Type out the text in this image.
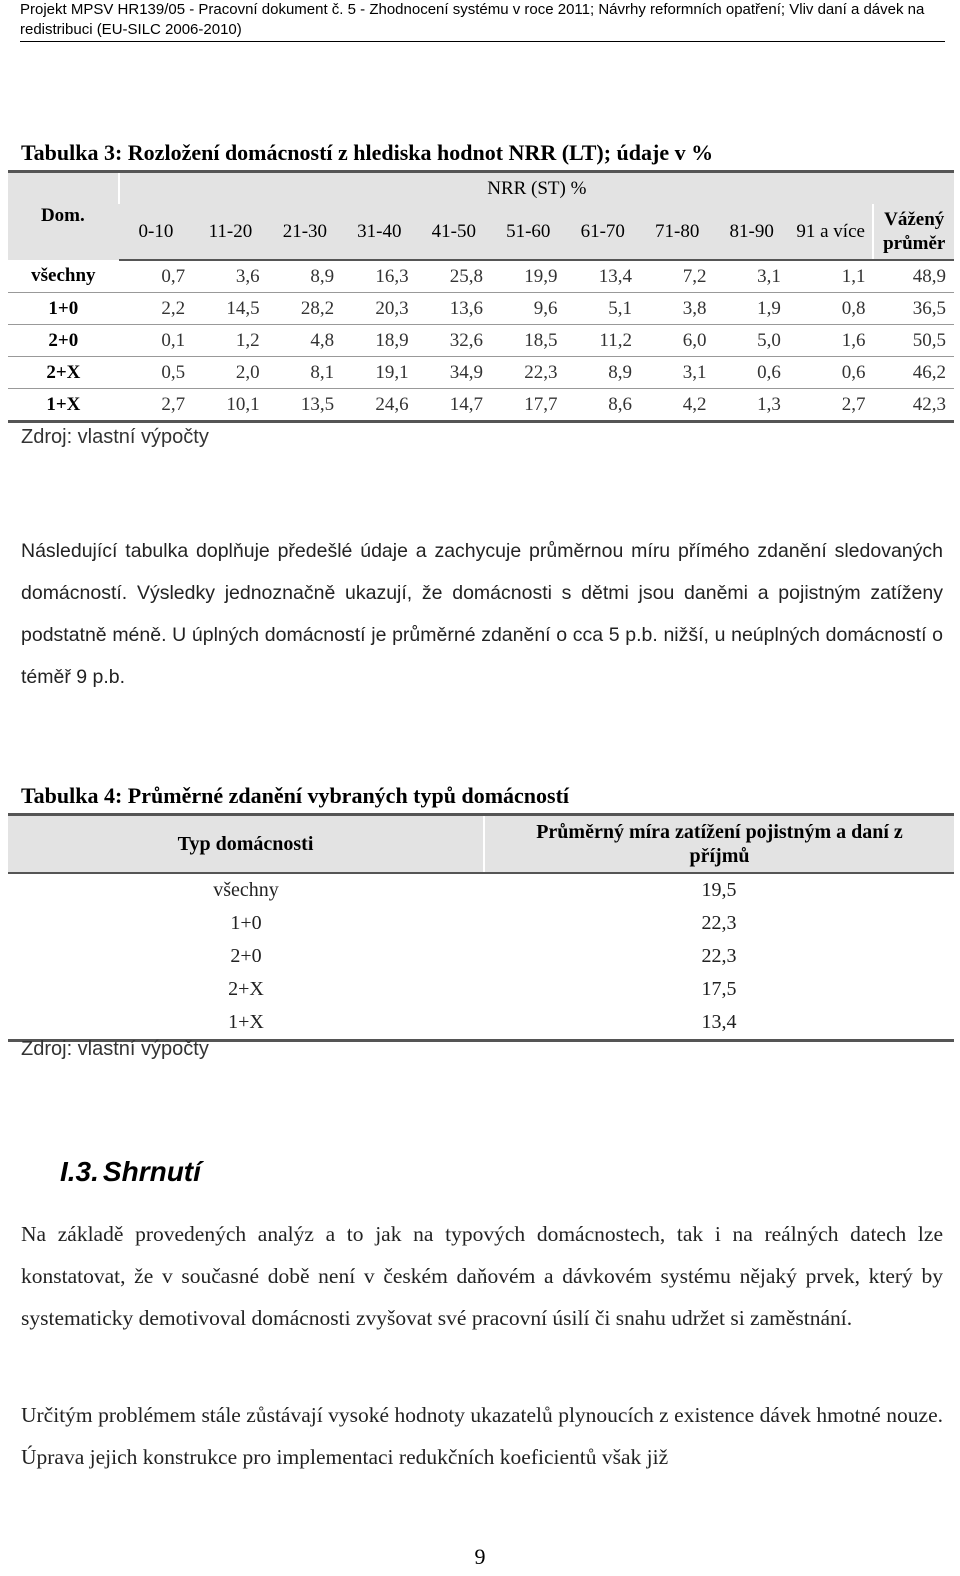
Projekt MPSV HR139/05 - Pracovní dokument č. 5 - Zhodnocení systému v roce 2011; Návrhy reformních opatření; Vliv daní a dávek na redistribuci (EU-SILC 2006-2010)
Tabulka 3: Rozložení domácností z hlediska hodnot NRR (LT); údaje v %
Dom.	NRR (ST) %										
	0-10	11-20	21-30	31-40	41-50	51-60	61-70	71-80	81-90	91 a více	Vážený průměr
všechny	0,7	3,6	8,9	16,3	25,8	19,9	13,4	7,2	3,1	1,1	48,9
1+0	2,2	14,5	28,2	20,3	13,6	9,6	5,1	3,8	1,9	0,8	36,5
2+0	0,1	1,2	4,8	18,9	32,6	18,5	11,2	6,0	5,0	1,6	50,5
2+X	0,5	2,0	8,1	19,1	34,9	22,3	8,9	3,1	0,6	0,6	46,2
1+X	2,7	10,1	13,5	24,6	14,7	17,7	8,6	4,2	1,3	2,7	42,3
Zdroj: vlastní výpočty
Následující tabulka doplňuje předešlé údaje a zachycuje průměrnou míru přímého zdanění sledovaných domácností. Výsledky jednoznačně ukazují, že domácnosti s dětmi jsou daněmi a pojistným zatíženy podstatně méně. U úplných domácností je průměrné zdanění o cca 5 p.b. nižší, u neúplných domácností o téměř 9 p.b.
Tabulka 4: Průměrné zdanění vybraných typů domácností
Typ domácnosti	Průměrný míra zatížení pojistným a daní z příjmů
všechny	19,5
1+0	22,3
2+0	22,3
2+X	17,5
1+X	13,4
Zdroj: vlastní výpočty
I.3. Shrnutí
Na základě provedených analýz a to jak na typových domácnostech, tak i na reálných datech lze konstatovat, že v současné době není v českém daňovém a dávkovém systému nějaký prvek, který by systematicky demotivoval domácnosti zvyšovat své pracovní úsilí či snahu udržet si zaměstnání.
Určitým problémem stále zůstávají vysoké hodnoty ukazatelů plynoucích z existence dávek hmotné nouze. Úprava jejich konstrukce pro implementaci redukčních koeficientů však již
9
